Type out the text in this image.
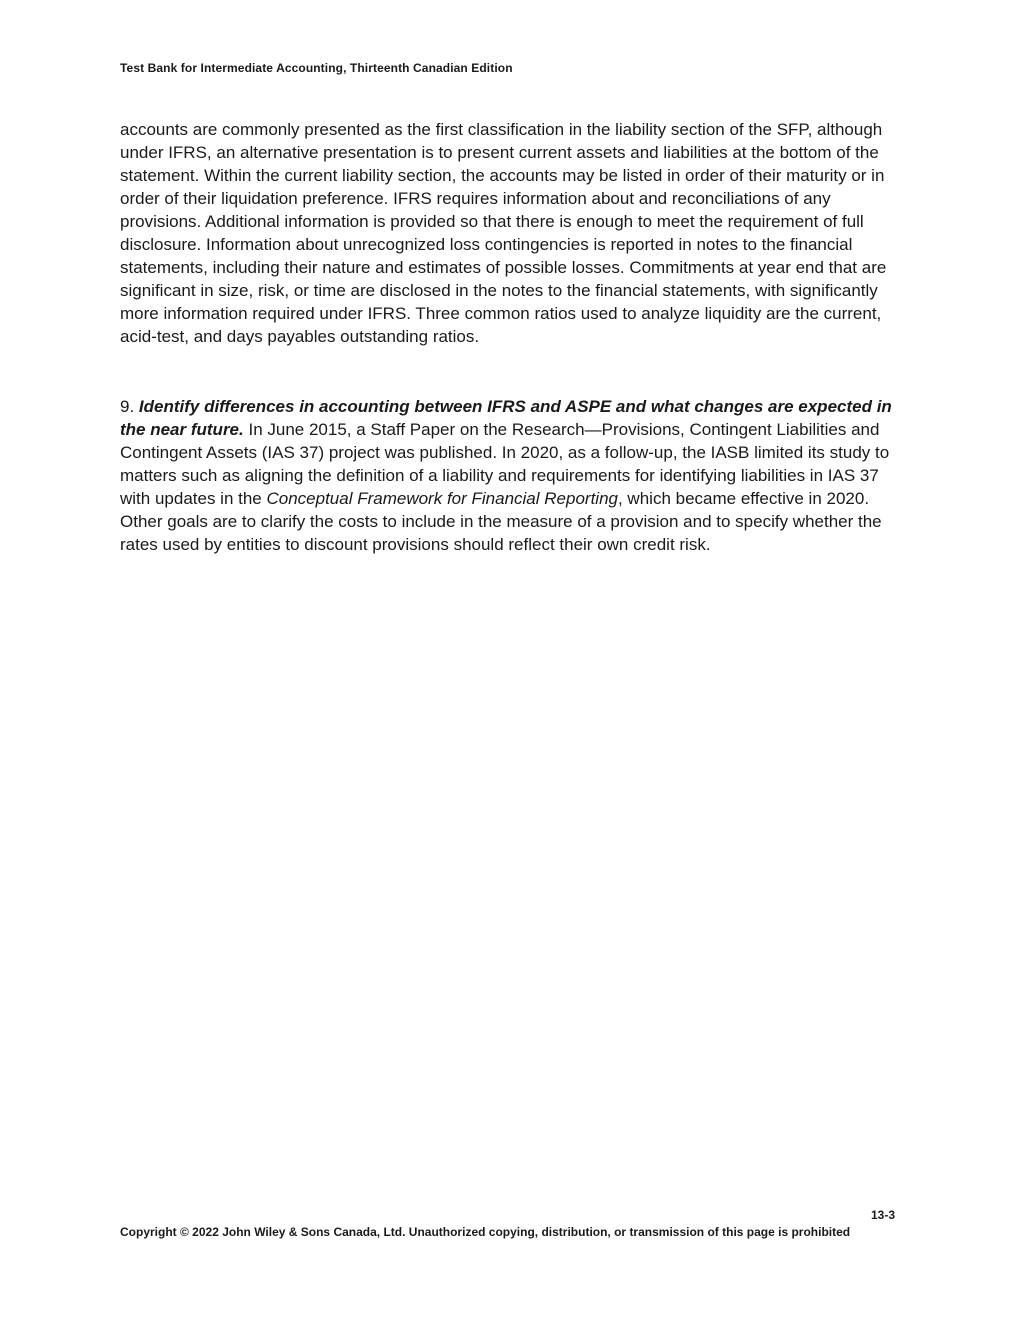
Test Bank for Intermediate Accounting, Thirteenth Canadian Edition

accounts are commonly presented as the first classification in the liability section of the SFP, although under IFRS, an alternative presentation is to present current assets and liabilities at the bottom of the statement. Within the current liability section, the accounts may be listed in order of their maturity or in order of their liquidation preference. IFRS requires information about and reconciliations of any provisions. Additional information is provided so that there is enough to meet the requirement of full disclosure. Information about unrecognized loss contingencies is reported in notes to the financial statements, including their nature and estimates of possible losses. Commitments at year end that are significant in size, risk, or time are disclosed in the notes to the financial statements, with significantly more information required under IFRS. Three common ratios used to analyze liquidity are the current, acid-test, and days payables outstanding ratios.

9. Identify differences in accounting between IFRS and ASPE and what changes are expected in the near future. In June 2015, a Staff Paper on the Research—Provisions, Contingent Liabilities and Contingent Assets (IAS 37) project was published. In 2020, as a follow-up, the IASB limited its study to matters such as aligning the definition of a liability and requirements for identifying liabilities in IAS 37 with updates in the Conceptual Framework for Financial Reporting, which became effective in 2020. Other goals are to clarify the costs to include in the measure of a provision and to specify whether the rates used by entities to discount provisions should reflect their own credit risk.

13-3
Copyright © 2022 John Wiley & Sons Canada, Ltd. Unauthorized copying, distribution, or transmission of this page is prohibited
